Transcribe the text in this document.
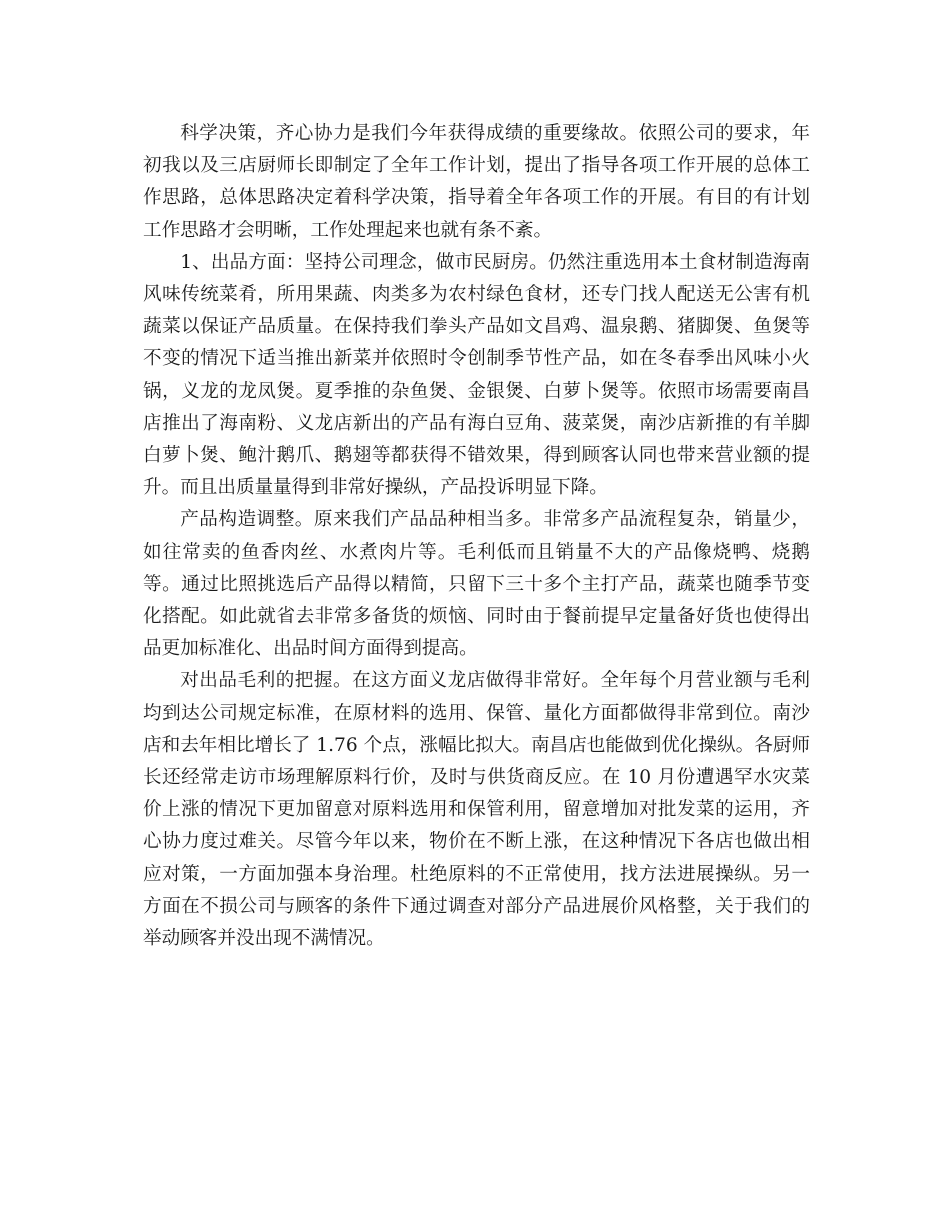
科学决策，齐心协力是我们今年获得成绩的重要缘故。依照公司的要求，年初我以及三店厨师长即制定了全年工作计划，提出了指导各项工作开展的总体工作思路，总体思路决定着科学决策，指导着全年各项工作的开展。有目的有计划工作思路才会明晰，工作处理起来也就有条不紊。

1、出品方面：坚持公司理念，做市民厨房。仍然注重选用本土食材制造海南风味传统菜肴，所用果蔬、肉类多为农村绿色食材，还专门找人配送无公害有机蔬菜以保证产品质量。在保持我们拳头产品如文昌鸡、温泉鹅、猪脚煲、鱼煲等不变的情况下适当推出新菜并依照时令创制季节性产品，如在冬春季出风味小火锅，义龙的龙凤煲。夏季推的杂鱼煲、金银煲、白萝卜煲等。依照市场需要南昌店推出了海南粉、义龙店新出的产品有海白豆角、菠菜煲，南沙店新推的有羊脚白萝卜煲、鲍汁鹅爪、鹅翅等都获得不错效果，得到顾客认同也带来营业额的提升。而且出质量量得到非常好操纵，产品投诉明显下降。

产品构造调整。原来我们产品品种相当多。非常多产品流程复杂，销量少，如往常卖的鱼香肉丝、水煮肉片等。毛利低而且销量不大的产品像烧鸭、烧鹅等。通过比照挑选后产品得以精简，只留下三十多个主打产品，蔬菜也随季节变化搭配。如此就省去非常多备货的烦恼、同时由于餐前提早定量备好货也使得出品更加标准化、出品时间方面得到提高。

对出品毛利的把握。在这方面义龙店做得非常好。全年每个月营业额与毛利均到达公司规定标准，在原材料的选用、保管、量化方面都做得非常到位。南沙店和去年相比增长了 1.76 个点，涨幅比拟大。南昌店也能做到优化操纵。各厨师长还经常走访市场理解原料行价，及时与供货商反应。在 10 月份遭遇罕水灾菜价上涨的情况下更加留意对原料选用和保管利用，留意增加对批发菜的运用，齐心协力度过难关。尽管今年以来，物价在不断上涨，在这种情况下各店也做出相应对策，一方面加强本身治理。杜绝原料的不正常使用，找方法进展操纵。另一方面在不损公司与顾客的条件下通过调查对部分产品进展价风格整，关于我们的举动顾客并没出现不满情况。
